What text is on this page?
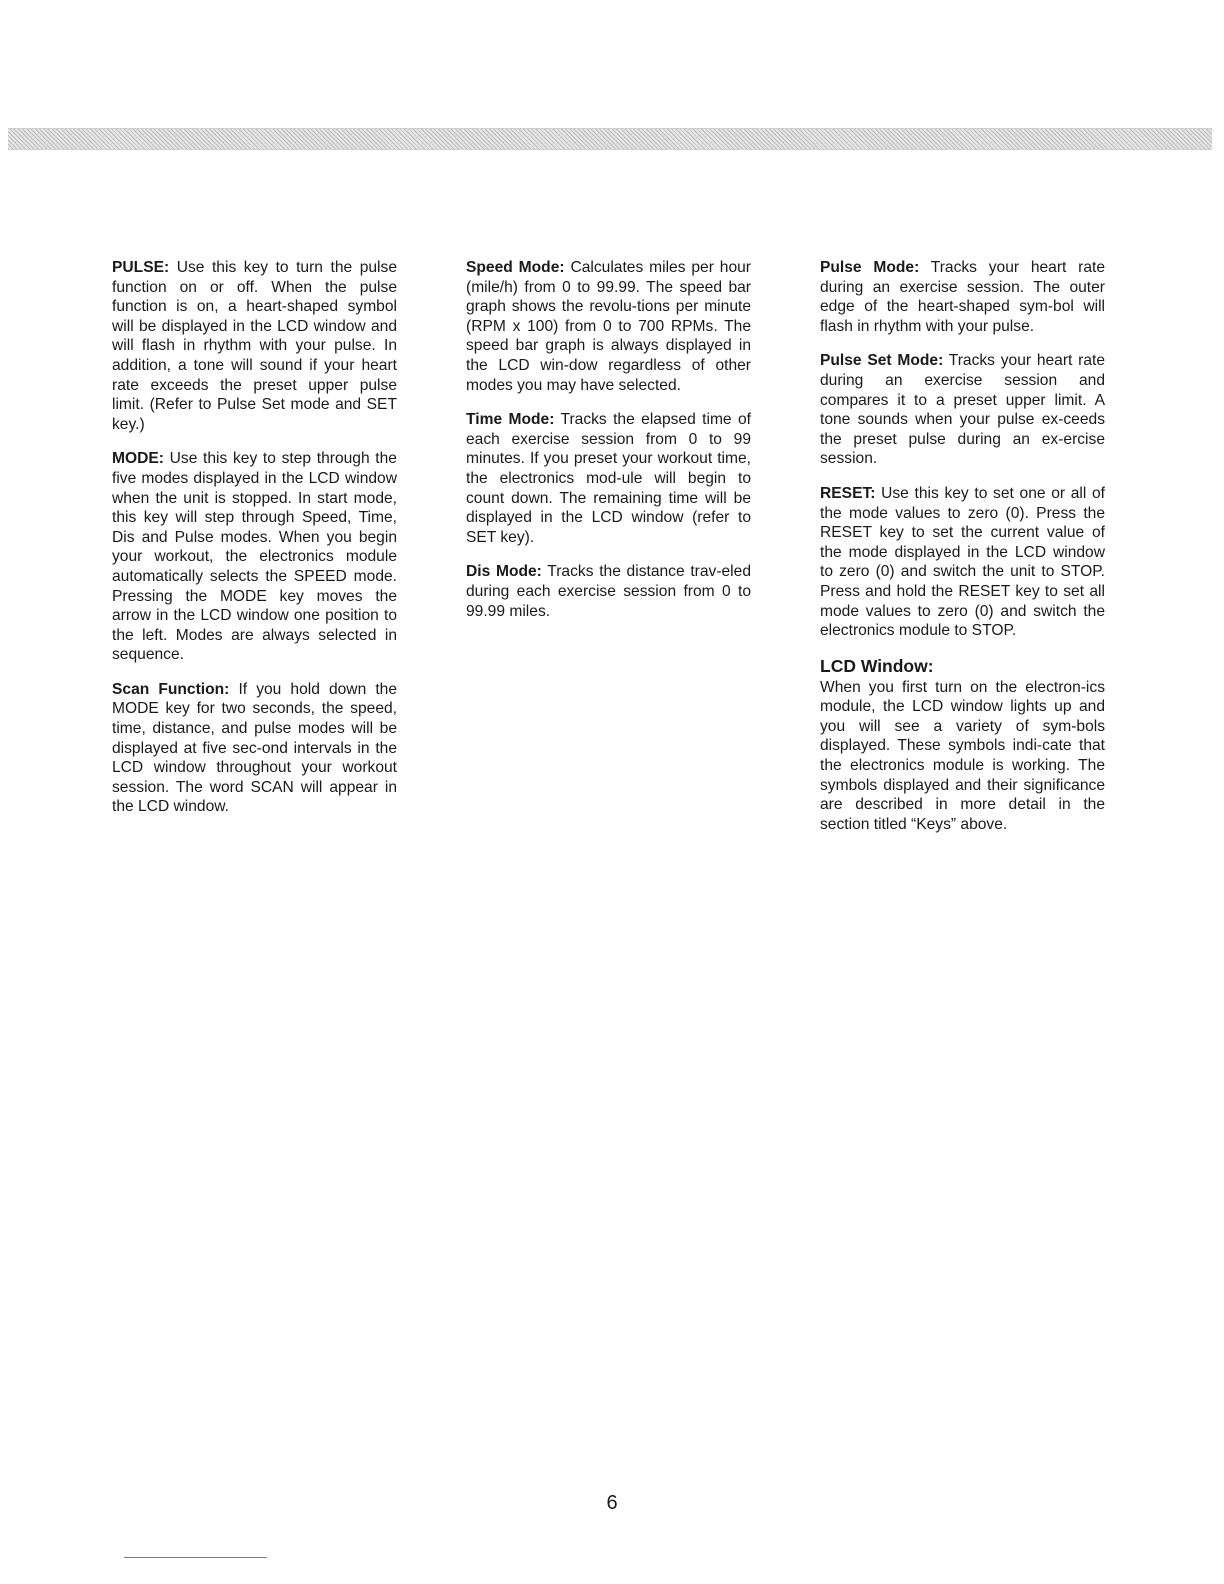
PULSE: Use this key to turn the pulse function on or off. When the pulse function is on, a heart-shaped symbol will be displayed in the LCD window and will flash in rhythm with your pulse. In addition, a tone will sound if your heart rate exceeds the preset upper pulse limit. (Refer to Pulse Set mode and SET key.)

MODE: Use this key to step through the five modes displayed in the LCD window when the unit is stopped. In start mode, this key will step through Speed, Time, Dis and Pulse modes. When you begin your workout, the electronics module automatically selects the SPEED mode. Pressing the MODE key moves the arrow in the LCD window one position to the left. Modes are always selected in sequence.

Scan Function: If you hold down the MODE key for two seconds, the speed, time, distance, and pulse modes will be displayed at five sec-ond intervals in the LCD window throughout your workout session. The word SCAN will appear in the LCD window.

Speed Mode: Calculates miles per hour (mile/h) from 0 to 99.99. The speed bar graph shows the revolu-tions per minute (RPM x 100) from 0 to 700 RPMs. The speed bar graph is always displayed in the LCD win-dow regardless of other modes you may have selected.

Time Mode: Tracks the elapsed time of each exercise session from 0 to 99 minutes. If you preset your workout time, the electronics mod-ule will begin to count down. The remaining time will be displayed in the LCD window (refer to SET key).

Dis Mode: Tracks the distance trav-eled during each exercise session from 0 to 99.99 miles.

Pulse Mode: Tracks your heart rate during an exercise session. The outer edge of the heart-shaped sym-bol will flash in rhythm with your pulse.

Pulse Set Mode: Tracks your heart rate during an exercise session and compares it to a preset upper limit. A tone sounds when your pulse ex-ceeds the preset pulse during an ex-ercise session.

RESET: Use this key to set one or all of the mode values to zero (0). Press the RESET key to set the current value of the mode displayed in the LCD window to zero (0) and switch the unit to STOP. Press and hold the RESET key to set all mode values to zero (0) and switch the electronics module to STOP.

LCD Window:

When you first turn on the electron-ics module, the LCD window lights up and you will see a variety of sym-bols displayed. These symbols indi-cate that the electronics module is working. The symbols displayed and their significance are described in more detail in the section titled “Keys” above.

6
